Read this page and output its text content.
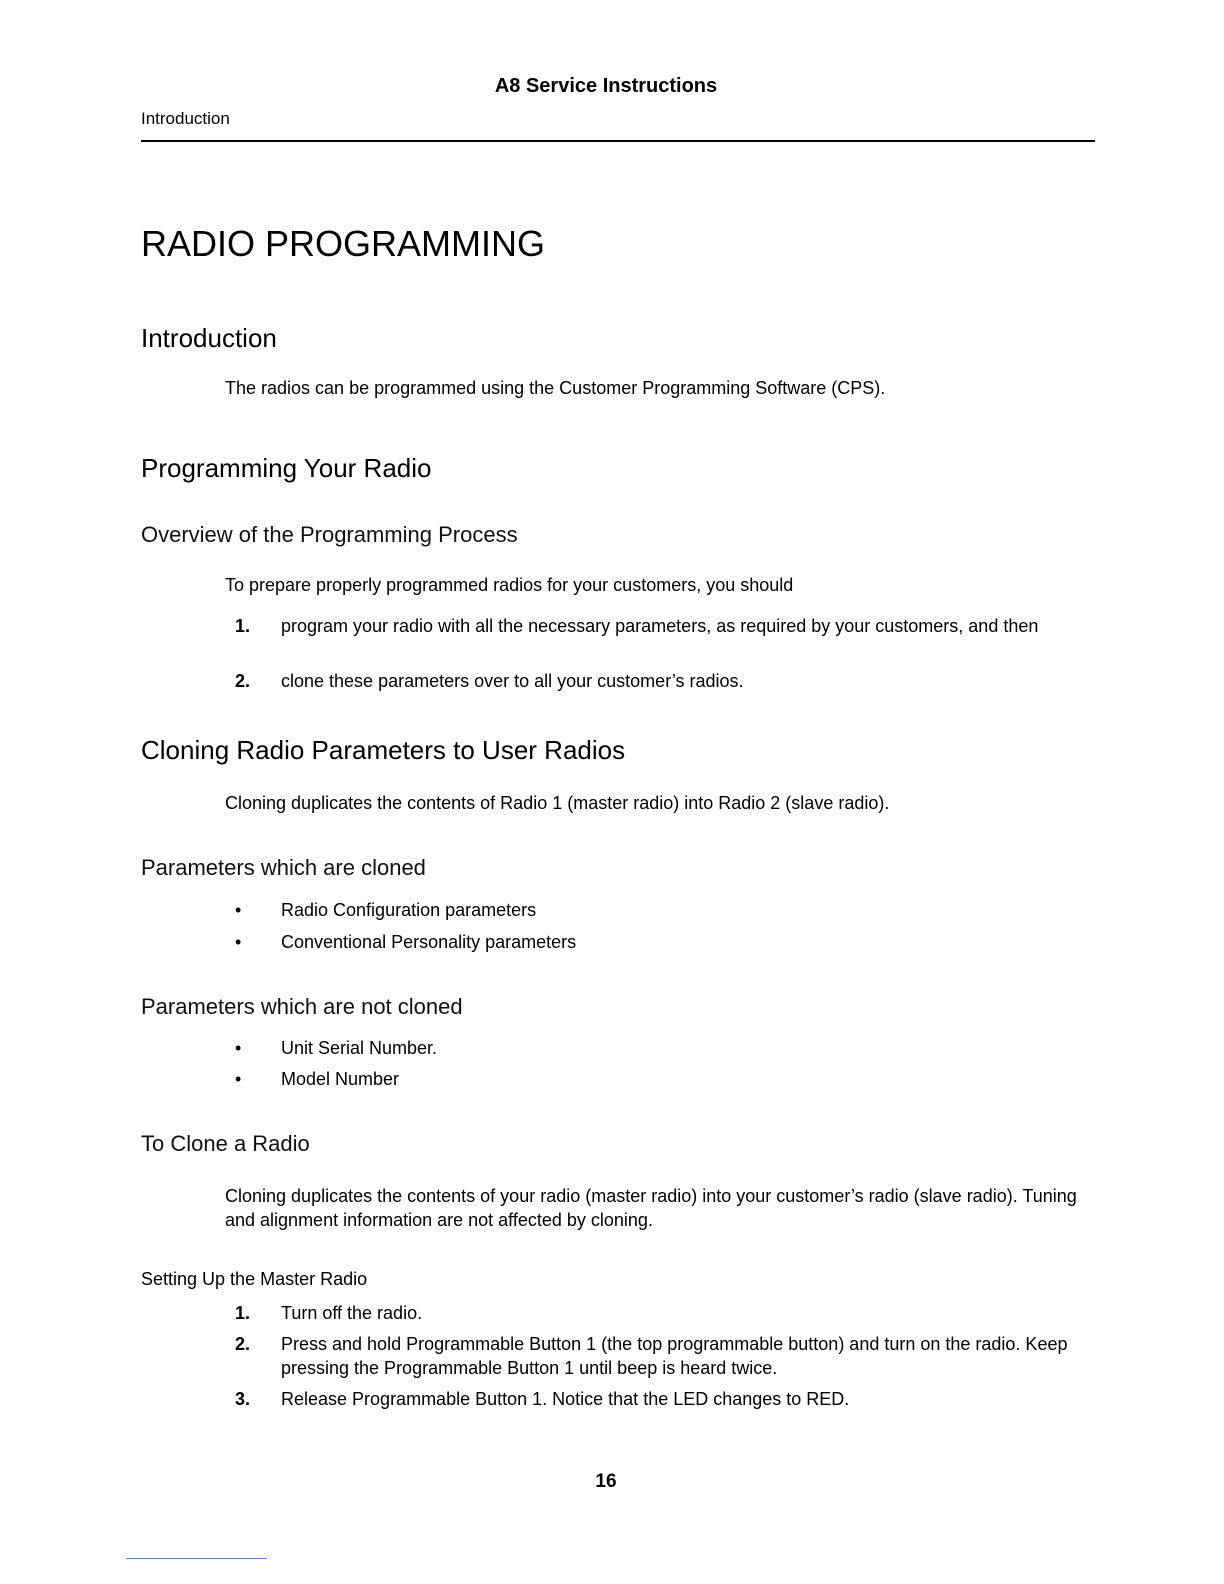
A8 Service Instructions
Introduction
RADIO PROGRAMMING
Introduction

The radios can be programmed using the Customer Programming Software (CPS).

Programming Your Radio
Overview of the Programming Process

To prepare properly programmed radios for your customers, you should

1. program your radio with all the necessary parameters, as required by your customers, and then
2. clone these parameters over to all your customer’s radios.
Cloning Radio Parameters to User Radios

Cloning duplicates the contents of Radio 1 (master radio) into Radio 2 (slave radio).

Parameters which are cloned
• Radio Configuration parameters
• Conventional Personality parameters
Parameters which are not cloned
• Unit Serial Number.
• Model Number
To Clone a Radio

Cloning duplicates the contents of your radio (master radio) into your customer’s radio (slave radio). Tuning and alignment information are not affected by cloning.

Setting Up the Master Radio
1. Turn off the radio.
2. Press and hold Programmable Button 1 (the top programmable button) and turn on the radio. Keep pressing the Programmable Button 1 until beep is heard twice.
3. Release Programmable Button 1. Notice that the LED changes to RED.
16
